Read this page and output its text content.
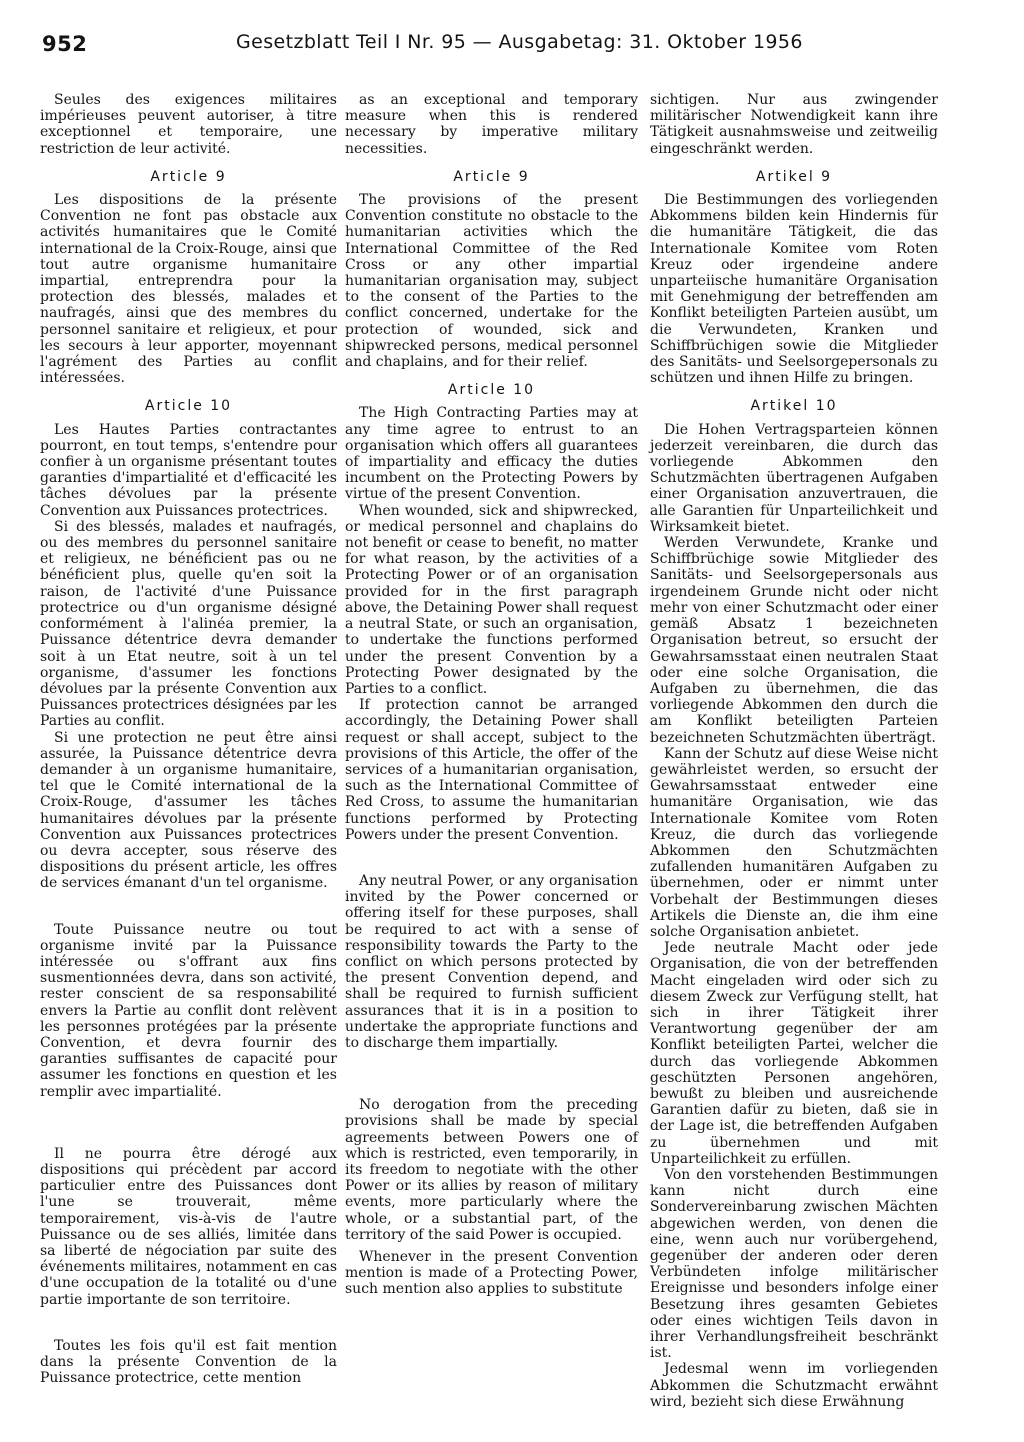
952	Gesetzblatt Teil I Nr. 95 — Ausgabetag: 31. Oktober 1956

Seules des exigences militaires impérieuses peuvent autoriser, à titre exceptionnel et temporaire, une restriction de leur activité.

Article 9

Les dispositions de la présente Convention ne font pas obstacle aux activités humanitaires que le Comité international de la Croix-Rouge, ainsi que tout autre organisme humanitaire impartial, entreprendra pour la protection des blessés, malades et naufragés, ainsi que des membres du personnel sanitaire et religieux, et pour les secours à leur apporter, moyennant l'agrément des Parties au conflit intéressées.

Article 10

Les Hautes Parties contractantes pourront, en tout temps, s'entendre pour confier à un organisme présentant toutes garanties d'impartialité et d'efficacité les tâches dévolues par la présente Convention aux Puissances protectrices.

Si des blessés, malades et naufragés, ou des membres du personnel sanitaire et religieux, ne bénéficient pas ou ne bénéficient plus, quelle qu'en soit la raison, de l'activité d'une Puissance protectrice ou d'un organisme désigné conformément à l'alinéa premier, la Puissance détentrice devra demander soit à un Etat neutre, soit à un tel organisme, d'assumer les fonctions dévolues par la présente Convention aux Puissances protectrices désignées par les Parties au conflit.

Si une protection ne peut être ainsi assurée, la Puissance détentrice devra demander à un organisme humanitaire, tel que le Comité international de la Croix-Rouge, d'assumer les tâches humanitaires dévolues par la présente Convention aux Puissances protectrices ou devra accepter, sous réserve des dispositions du présent article, les offres de services émanant d'un tel organisme.

Toute Puissance neutre ou tout organisme invité par la Puissance intéressée ou s'offrant aux fins susmentionnées devra, dans son activité, rester conscient de sa responsabilité envers la Partie au conflit dont relèvent les personnes protégées par la présente Convention, et devra fournir des garanties suffisantes de capacité pour assumer les fonctions en question et les remplir avec impartialité.

Il ne pourra être dérogé aux dispositions qui précèdent par accord particulier entre des Puissances dont l'une se trouverait, même temporairement, vis-à-vis de l'autre Puissance ou de ses alliés, limitée dans sa liberté de négociation par suite des événements militaires, notamment en cas d'une occupation de la totalité ou d'une partie importante de son territoire.

Toutes les fois qu'il est fait mention dans la présente Convention de la Puissance protectrice, cette mention

as an exceptional and temporary measure when this is rendered necessary by imperative military necessities.

Article 9

The provisions of the present Convention constitute no obstacle to the humanitarian activities which the International Committee of the Red Cross or any other impartial humanitarian organisation may, subject to the consent of the Parties to the conflict concerned, undertake for the protection of wounded, sick and shipwrecked persons, medical personnel and chaplains, and for their relief.

Article 10

The High Contracting Parties may at any time agree to entrust to an organisation which offers all guarantees of impartiality and efficacy the duties incumbent on the Protecting Powers by virtue of the present Convention.

When wounded, sick and shipwrecked, or medical personnel and chaplains do not benefit or cease to benefit, no matter for what reason, by the activities of a Protecting Power or of an organisation provided for in the first paragraph above, the Detaining Power shall request a neutral State, or such an organisation, to undertake the functions performed under the present Convention by a Protecting Power designated by the Parties to a conflict.

If protection cannot be arranged accordingly, the Detaining Power shall request or shall accept, subject to the provisions of this Article, the offer of the services of a humanitarian organisation, such as the International Committee of Red Cross, to assume the humanitarian functions performed by Protecting Powers under the present Convention.

Any neutral Power, or any organisation invited by the Power concerned or offering itself for these purposes, shall be required to act with a sense of responsibility towards the Party to the conflict on which persons protected by the present Convention depend, and shall be required to furnish sufficient assurances that it is in a position to undertake the appropriate functions and to discharge them impartially.

No derogation from the preceding provisions shall be made by special agreements between Powers one of which is restricted, even temporarily, in its freedom to negotiate with the other Power or its allies by reason of military events, more particularly where the whole, or a substantial part, of the territory of the said Power is occupied.

Whenever in the present Convention mention is made of a Protecting Power, such mention also applies to substitute

sichtigen. Nur aus zwingender militärischer Notwendigkeit kann ihre Tätigkeit ausnahmsweise und zeitweilig eingeschränkt werden.

Artikel 9

Die Bestimmungen des vorliegenden Abkommens bilden kein Hindernis für die humanitäre Tätigkeit, die das Internationale Komitee vom Roten Kreuz oder irgendeine andere unparteiische humanitäre Organisation mit Genehmigung der betreffenden am Konflikt beteiligten Parteien ausübt, um die Verwundeten, Kranken und Schiffbrüchigen sowie die Mitglieder des Sanitäts- und Seelsorgepersonals zu schützen und ihnen Hilfe zu bringen.

Artikel 10

Die Hohen Vertragsparteien können jederzeit vereinbaren, die durch das vorliegende Abkommen den Schutzmächten übertragenen Aufgaben einer Organisation anzuvertrauen, die alle Garantien für Unparteilichkeit und Wirksamkeit bietet.

Werden Verwundete, Kranke und Schiffbrüchige sowie Mitglieder des Sanitäts- und Seelsorgepersonals aus irgendeinem Grunde nicht oder nicht mehr von einer Schutzmacht oder einer gemäß Absatz 1 bezeichneten Organisation betreut, so ersucht der Gewahrsamsstaat einen neutralen Staat oder eine solche Organisation, die Aufgaben zu übernehmen, die das vorliegende Abkommen den durch die am Konflikt beteiligten Parteien bezeichneten Schutzmächten überträgt.

Kann der Schutz auf diese Weise nicht gewährleistet werden, so ersucht der Gewahrsamsstaat entweder eine humanitäre Organisation, wie das Internationale Komitee vom Roten Kreuz, die durch das vorliegende Abkommen den Schutzmächten zufallenden humanitären Aufgaben zu übernehmen, oder er nimmt unter Vorbehalt der Bestimmungen dieses Artikels die Dienste an, die ihm eine solche Organisation anbietet.

Jede neutrale Macht oder jede Organisation, die von der betreffenden Macht eingeladen wird oder sich zu diesem Zweck zur Verfügung stellt, hat sich in ihrer Tätigkeit ihrer Verantwortung gegenüber der am Konflikt beteiligten Partei, welcher die durch das vorliegende Abkommen geschützten Personen angehören, bewußt zu bleiben und ausreichende Garantien dafür zu bieten, daß sie in der Lage ist, die betreffenden Aufgaben zu übernehmen und mit Unparteilichkeit zu erfüllen.

Von den vorstehenden Bestimmungen kann nicht durch eine Sondervereinbarung zwischen Mächten abgewichen werden, von denen die eine, wenn auch nur vorübergehend, gegenüber der anderen oder deren Verbündeten infolge militärischer Ereignisse und besonders infolge einer Besetzung ihres gesamten Gebietes oder eines wichtigen Teils davon in ihrer Verhandlungsfreiheit beschränkt ist.

Jedesmal wenn im vorliegenden Abkommen die Schutzmacht erwähnt wird, bezieht sich diese Erwähnung
